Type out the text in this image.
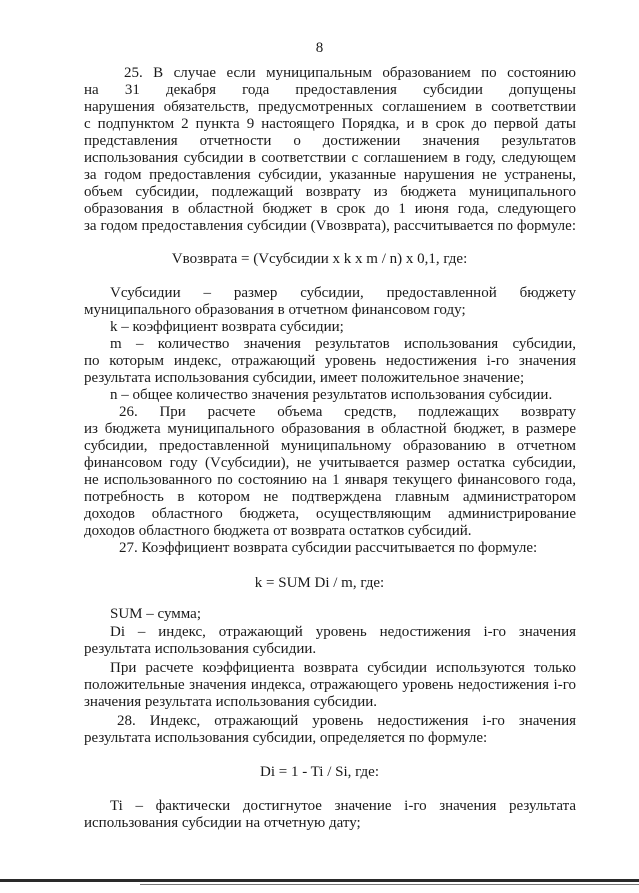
8
25. В случае если муниципальным образованием по состоянию
на 31 декабря года предоставления субсидии допущены
нарушения обязательств, предусмотренных соглашением в соответствии
с подпунктом 2 пункта 9 настоящего Порядка, и в срок до первой даты
представления отчетности о достижении значения результатов
использования субсидии в соответствии с соглашением в году, следующем
за годом предоставления субсидии, указанные нарушения не устранены,
объем субсидии, подлежащий возврату из бюджета муниципального
образования в областной бюджет в срок до 1 июня года, следующего
за годом предоставления субсидии (Vвозврата), рассчитывается по формуле:
Vвозврата = (Vсубсидии x k x m / n) x 0,1, где:
Vсубсидии – размер субсидии, предоставленной бюджету
муниципального образования в отчетном финансовом году;
k – коэффициент возврата субсидии;
m – количество значения результатов использования субсидии,
по которым индекс, отражающий уровень недостижения i-го значения
результата использования субсидии, имеет положительное значение;
n – общее количество значения результатов использования субсидии.
26. При расчете объема средств, подлежащих возврату
из бюджета муниципального образования в областной бюджет, в размере
субсидии, предоставленной муниципальному образованию в отчетном
финансовом году (Vсубсидии), не учитывается размер остатка субсидии,
не использованного по состоянию на 1 января текущего финансового года,
потребность в котором не подтверждена главным администратором
доходов областного бюджета, осуществляющим администрирование
доходов областного бюджета от возврата остатков субсидий.
27. Коэффициент возврата субсидии рассчитывается по формуле:
k = SUM Di / m, где:
SUM – сумма;
Di – индекс, отражающий уровень недостижения i-го значения
результата использования субсидии.
При расчете коэффициента возврата субсидии используются только
положительные значения индекса, отражающего уровень недостижения i-го
значения результата использования субсидии.
28. Индекс, отражающий уровень недостижения i-го значения
результата использования субсидии, определяется по формуле:
Di = 1 - Ti / Si, где:
Ti – фактически достигнутое значение i-го значения результата
использования субсидии на отчетную дату;
